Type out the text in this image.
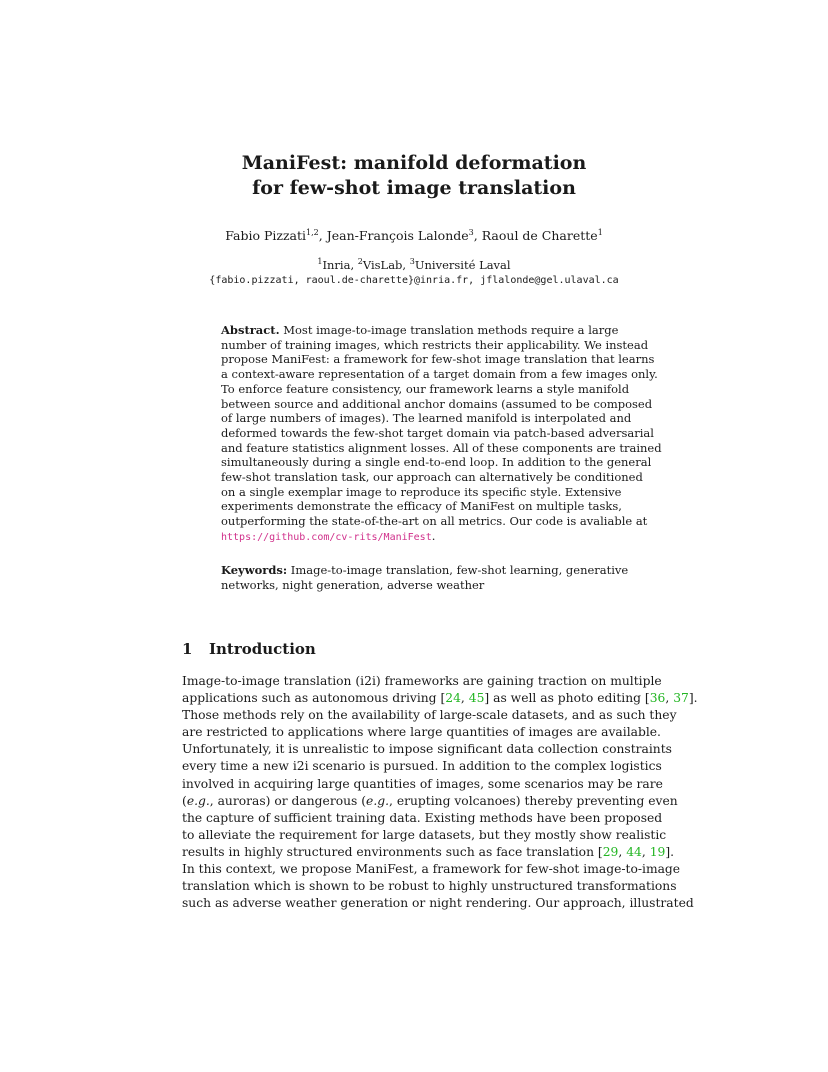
ManiFest: manifold deformation
for few-shot image translation
Fabio Pizzati$^{1,2}$, Jean-François Lalonde$^3$, Raoul de Charette$^1$
$^1$Inria, $^2$VisLab, $^3$Université Laval
{fabio.pizzati, raoul.de-charette}@inria.fr, jflalonde@gel.ulaval.ca
Abstract. Most image-to-image translation methods require a large
number of training images, which restricts their applicability. We instead
propose ManiFest: a framework for few-shot image translation that learns
a context-aware representation of a target domain from a few images only.
To enforce feature consistency, our framework learns a style manifold
between source and additional anchor domains (assumed to be composed
of large numbers of images). The learned manifold is interpolated and
deformed towards the few-shot target domain via patch-based adversarial
and feature statistics alignment losses. All of these components are trained
simultaneously during a single end-to-end loop. In addition to the general
few-shot translation task, our approach can alternatively be conditioned
on a single exemplar image to reproduce its specific style. Extensive
experiments demonstrate the efficacy of ManiFest on multiple tasks,
outperforming the state-of-the-art on all metrics. Our code is avaliable at
https://github.com/cv-rits/ManiFest.
Keywords: Image-to-image translation, few-shot learning, generative
networks, night generation, adverse weather
1 Introduction
Image-to-image translation (i2i) frameworks are gaining traction on multiple
applications such as autonomous driving [24, 45] as well as photo editing [36, 37].
Those methods rely on the availability of large-scale datasets, and as such they
are restricted to applications where large quantities of images are available.
Unfortunately, it is unrealistic to impose significant data collection constraints
every time a new i2i scenario is pursued. In addition to the complex logistics
involved in acquiring large quantities of images, some scenarios may be rare
(e.g., auroras) or dangerous (e.g., erupting volcanoes) thereby preventing even
the capture of sufficient training data. Existing methods have been proposed
to alleviate the requirement for large datasets, but they mostly show realistic
results in highly structured environments such as face translation [29, 44, 19].
In this context, we propose ManiFest, a framework for few-shot image-to-image
translation which is shown to be robust to highly unstructured transformations
such as adverse weather generation or night rendering. Our approach, illustrated
